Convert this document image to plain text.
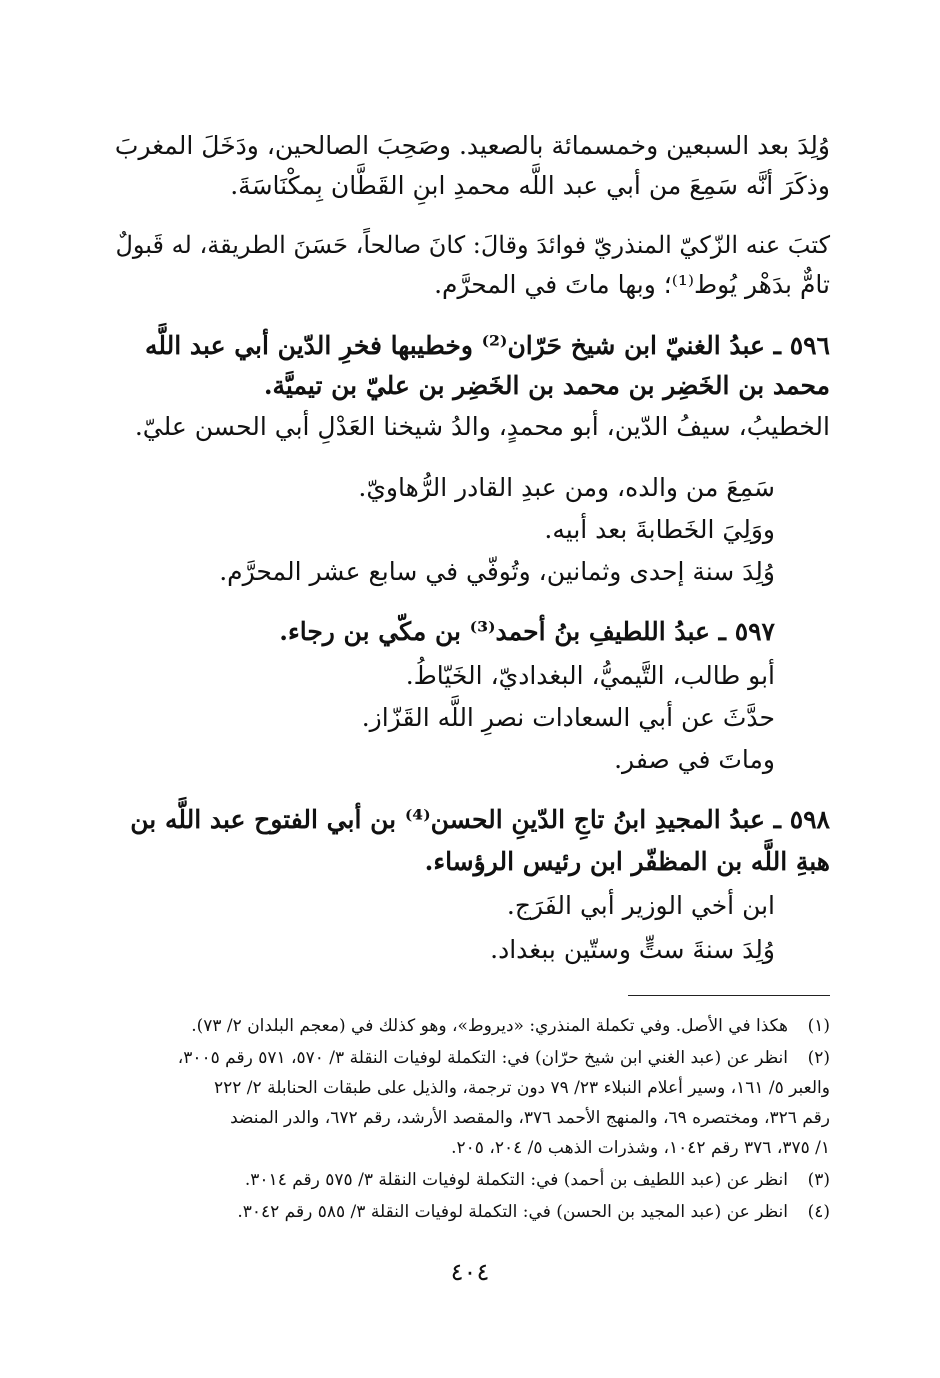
وُلِدَ بعد السبعين وخمسمائة بالصعيد. وصَحِبَ الصالحين، ودَخَلَ المغربَ

وذكَرَ أنَّه سَمِعَ من أبي عبد اللَّه محمدِ ابنِ القَطَّان بِمكْنَاسَةَ.

كتبَ عنه الزّكيّ المنذريّ فوائدَ وقالَ: كانَ صالحاً، حَسَنَ الطريقة، له قَبولٌ

تامٌّ بدَهْر يُوط⁽¹⁾؛ وبها ماتَ في المحرَّم.

٥٩٦ ـ عبدُ الغنيّ ابن شيخ حَرّان⁽²⁾ وخطيبها فخرِ الدّين أبي عبد اللَّه

محمد بن الخَضِر بن محمد بن الخَضِر بن عليّ بن تيميَّة.

الخطيبُ، سيفُ الدّين، أبو محمدٍ، والدُ شيخنا العَدْلِ أبي الحسن عليّ.

سَمِعَ من والده، ومن عبدِ القادر الرُّهاويّ.

ووَلِيَ الخَطابةَ بعد أبيه.

وُلِدَ سنة إحدى وثمانين، وتُوفّي في سابع عشر المحرَّم.

٥٩٧ ـ عبدُ اللطيفِ بنُ أحمد⁽³⁾ بن مكّي بن رجاء.

أبو طالب، التَّيميُّ، البغداديّ، الخَيّاطُ.

حدَّثَ عن أبي السعادات نصرِ اللَّه القَزّاز.

وماتَ في صفر.

٥٩٨ ـ عبدُ المجيدِ ابنُ تاجِ الدّينِ الحسن⁽⁴⁾ بن أبي الفتوح عبد اللَّه بن

هبةِ اللَّه بن المظفّر ابن رئيس الرؤساء.

ابن أخي الوزير أبي الفَرَج.

وُلِدَ سنةَ ستٍّ وستّين ببغداد.

(١)هكذا في الأصل. وفي تكملة المنذري: «ديروط»، وهو كذلك في (معجم البلدان ٢/ ٧٣).

(٢)انظر عن (عبد الغني ابن شيخ حرّان) في: التكملة لوفيات النقلة ٣/ ٥٧٠، ٥٧١ رقم ٣٠٠٥،

والعبر ٥/ ١٦١، وسير أعلام النبلاء ٢٣/ ٧٩ دون ترجمة، والذيل على طبقات الحنابلة ٢/ ٢٢٢

رقم ٣٢٦، ومختصره ٦٩، والمنهج الأحمد ٣٧٦، والمقصد الأرشد، رقم ٦٧٢، والدر المنضد

١/ ٣٧٥، ٣٧٦ رقم ١٠٤٢، وشذرات الذهب ٥/ ٢٠٤، ٢٠٥.

(٣)انظر عن (عبد اللطيف بن أحمد) في: التكملة لوفيات النقلة ٣/ ٥٧٥ رقم ٣٠١٤.

(٤)انظر عن (عبد المجيد بن الحسن) في: التكملة لوفيات النقلة ٣/ ٥٨٥ رقم ٣٠٤٢.

٤٠٤
